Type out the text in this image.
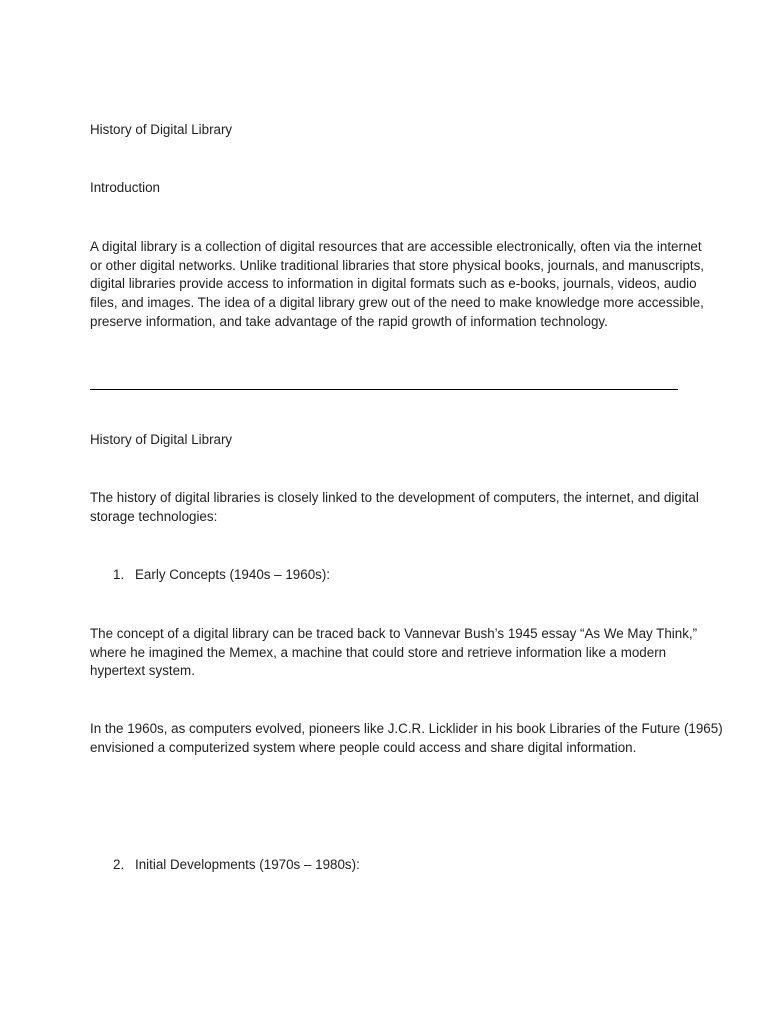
History of Digital Library
Introduction
A digital library is a collection of digital resources that are accessible electronically, often via the internet
or other digital networks. Unlike traditional libraries that store physical books, journals, and manuscripts,
digital libraries provide access to information in digital formats such as e-books, journals, videos, audio
files, and images. The idea of a digital library grew out of the need to make knowledge more accessible,
preserve information, and take advantage of the rapid growth of information technology.
History of Digital Library
The history of digital libraries is closely linked to the development of computers, the internet, and digital
storage technologies:
1. Early Concepts (1940s – 1960s):
The concept of a digital library can be traced back to Vannevar Bush’s 1945 essay “As We May Think,”
where he imagined the Memex, a machine that could store and retrieve information like a modern
hypertext system.
In the 1960s, as computers evolved, pioneers like J.C.R. Licklider in his book Libraries of the Future (1965)
envisioned a computerized system where people could access and share digital information.
2. Initial Developments (1970s – 1980s):
